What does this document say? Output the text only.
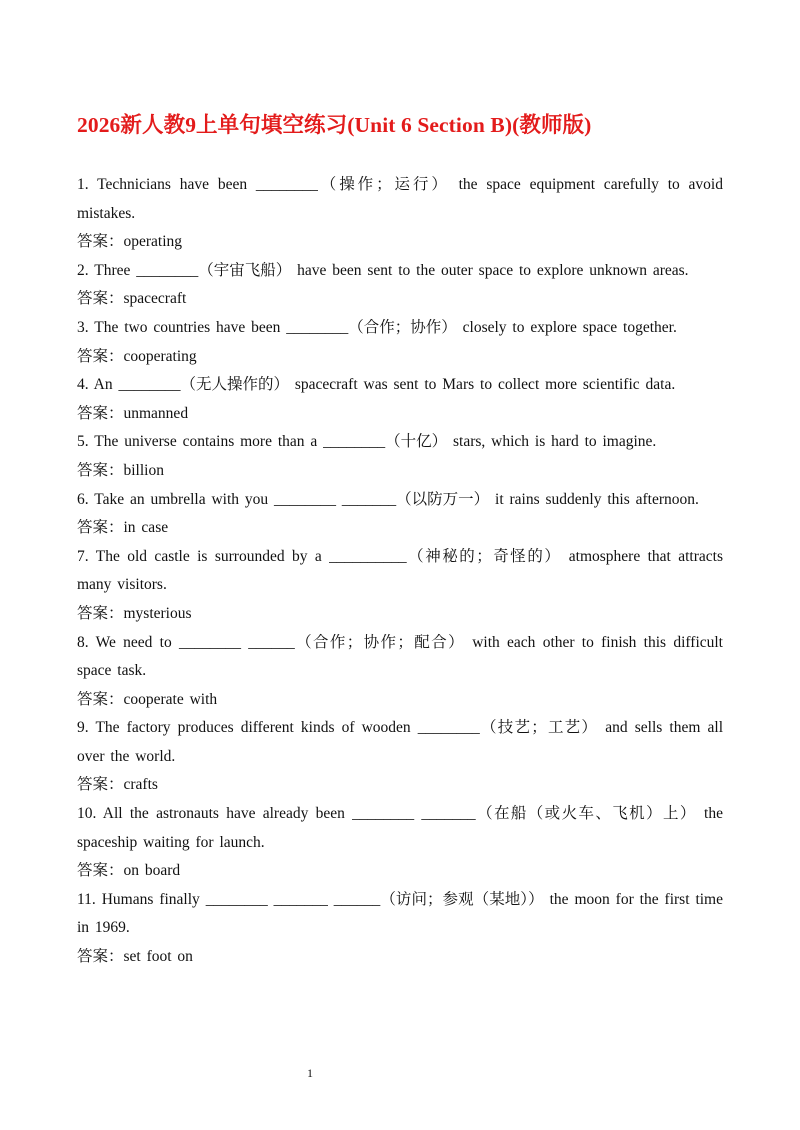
2026新人教9上单句填空练习(Unit 6 Section B)(教师版)

1. Technicians have been ________（操作；运行） the space equipment carefully to avoid mistakes.

答案：operating

2. Three ________（宇宙飞船） have been sent to the outer space to explore unknown areas.

答案：spacecraft

3. The two countries have been ________（合作；协作） closely to explore space together.

答案：cooperating

4. An ________（无人操作的） spacecraft was sent to Mars to collect more scientific data.

答案：unmanned

5. The universe contains more than a ________（十亿） stars, which is hard to imagine.

答案：billion

6. Take an umbrella with you ________ _______（以防万一） it rains suddenly this afternoon.

答案：in case

7. The old castle is surrounded by a __________（神秘的；奇怪的） atmosphere that attracts many visitors.

答案：mysterious

8. We need to ________ ______（合作；协作；配合） with each other to finish this difficult space task.

答案：cooperate with

9. The factory produces different kinds of wooden ________（技艺；工艺） and sells them all over the world.

答案：crafts

10. All the astronauts have already been ________ _______（在船（或火车、飞机）上） the spaceship waiting for launch.

答案：on board

11. Humans finally ________ _______ ______（访问；参观（某地）） the moon for the first time in 1969.

答案：set foot on

1
